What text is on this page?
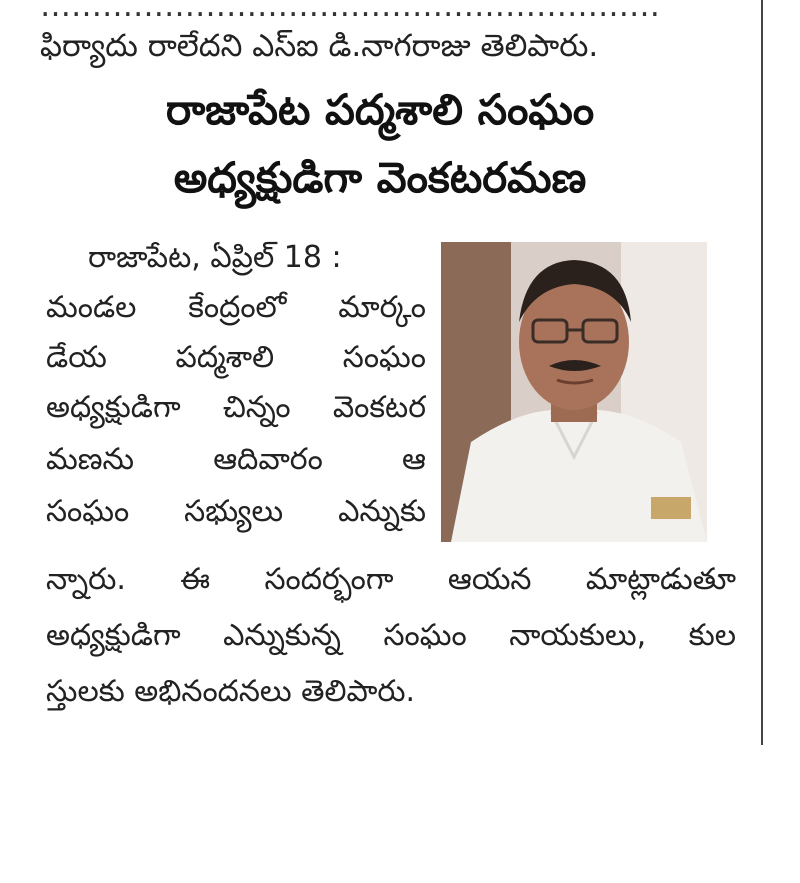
……………………………………………………
ఫిర్యాదు రాలేదని ఎస్ఐ డి.నాగరాజు తెలిపారు.
రాజాపేట పద్మశాలి సంఘం
అధ్యక్షుడిగా వెంకటరమణ
రాజాపేట, ఏప్రిల్ 18 :
మండల కేంద్రంలో మార్కం
డేయ పద్మశాలి సంఘం
అధ్యక్షుడిగా చిన్నం వెంకటర
మణను ఆదివారం ఆ
సంఘం సభ్యులు ఎన్నుకు
న్నారు. ఈ సందర్భంగా ఆయన మాట్లాడుతూ
అధ్యక్షుడిగా ఎన్నుకున్న సంఘం నాయకులు, కుల
స్తులకు అభినందనలు తెలిపారు.
